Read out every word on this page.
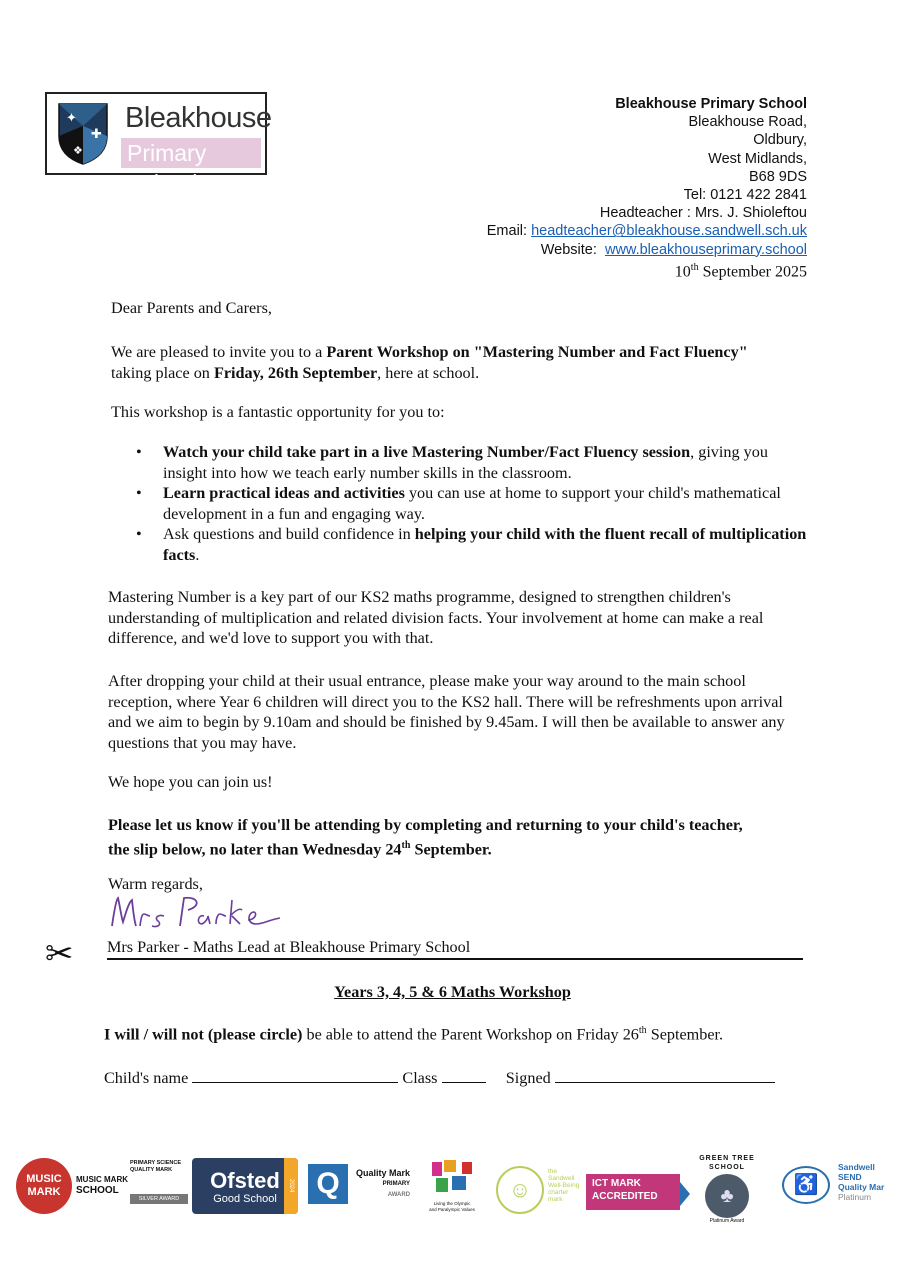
✦
✚
❖
Bleakhouse
Primary School
Bleakhouse Primary School
Bleakhouse Road,
Oldbury,
West Midlands,
B68 9DS
Tel: 0121 422 2841
Headteacher : Mrs. J. Shioleftou
Email: headteacher@bleakhouse.sandwell.sch.uk
Website: www.bleakhouseprimary.school
10th September 2025
Dear Parents and Carers,
We are pleased to invite you to a Parent Workshop on "Mastering Number and Fact Fluency" taking place on Friday, 26th September, here at school.
This workshop is a fantastic opportunity for you to:
• Watch your child take part in a live Mastering Number/Fact Fluency session, giving you insight into how we teach early number skills in the classroom.
• Learn practical ideas and activities you can use at home to support your child's mathematical development in a fun and engaging way.
• Ask questions and build confidence in helping your child with the fluent recall of multiplication facts.
Mastering Number is a key part of our KS2 maths programme, designed to strengthen children's understanding of multiplication and related division facts. Your involvement at home can make a real difference, and we'd love to support you with that.
After dropping your child at their usual entrance, please make your way around to the main school reception, where Year 6 children will direct you to the KS2 hall. There will be refreshments upon arrival and we aim to begin by 9.10am and should be finished by 9.45am. I will then be available to answer any questions that you may have.
We hope you can join us!
Please let us know if you'll be attending by completing and returning to your child's teacher, the slip below, no later than Wednesday 24th September.
Warm regards,
Mrs Parker - Maths Lead at Bleakhouse Primary School
✂
Years 3, 4, 5 & 6 Maths Workshop
I will / will not (please circle) be able to attend the Parent Workshop on Friday 26th September.
Child's name	Class	Signed
MUSIC
MARK
MUSIC MARK
SCHOOL
PRIMARY SCIENCE
QUALITY MARK
SILVER AWARD
Ofsted
Good School
2024 Q	Quality Mark
PRIMARY
AWARD
Living the Olympic
and Paralympic Values
☺
the
Sandwell
Well-Being
charter
mark
ICT MARK
ACCREDITED
GREEN TREE SCHOOL
♣
Platinum Award
♿
Sandwell
SEND
Quality Mar
Platinum
